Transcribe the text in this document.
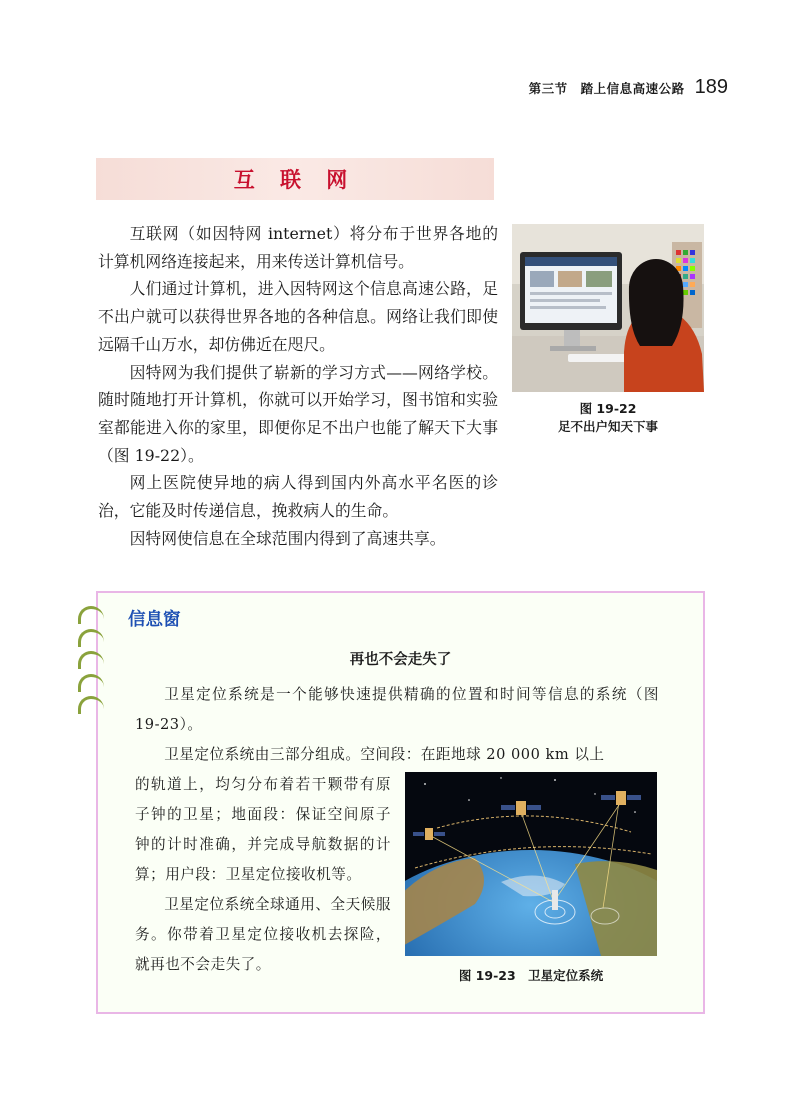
第三节　踏上信息高速公路 189
互 联 网

互联网（如因特网 internet）将分布于世界各地的计算机网络连接起来，用来传送计算机信号。

人们通过计算机，进入因特网这个信息高速公路，足不出户就可以获得世界各地的各种信息。网络让我们即使远隔千山万水，却仿佛近在咫尺。

因特网为我们提供了崭新的学习方式——网络学校。随时随地打开计算机，你就可以开始学习，图书馆和实验室都能进入你的家里，即便你足不出户也能了解天下大事（图 19-22）。

网上医院使异地的病人得到国内外高水平名医的诊治，它能及时传递信息，挽救病人的生命。

因特网使信息在全球范围内得到了高速共享。

图 19-22
足不出户知天下事
信息窗
再也不会走失了

卫星定位系统是一个能够快速提供精确的位置和时间等信息的系统（图 19-23）。

卫星定位系统由三部分组成。空间段：在距地球 20 000 km 以上

的轨道上，均匀分布着若干颗带有原子钟的卫星；地面段：保证空间原子钟的计时准确，并完成导航数据的计算；用户段：卫星定位接收机等。

卫星定位系统全球通用、全天候服务。你带着卫星定位接收机去探险，就再也不会走失了。

图 19-23　卫星定位系统
